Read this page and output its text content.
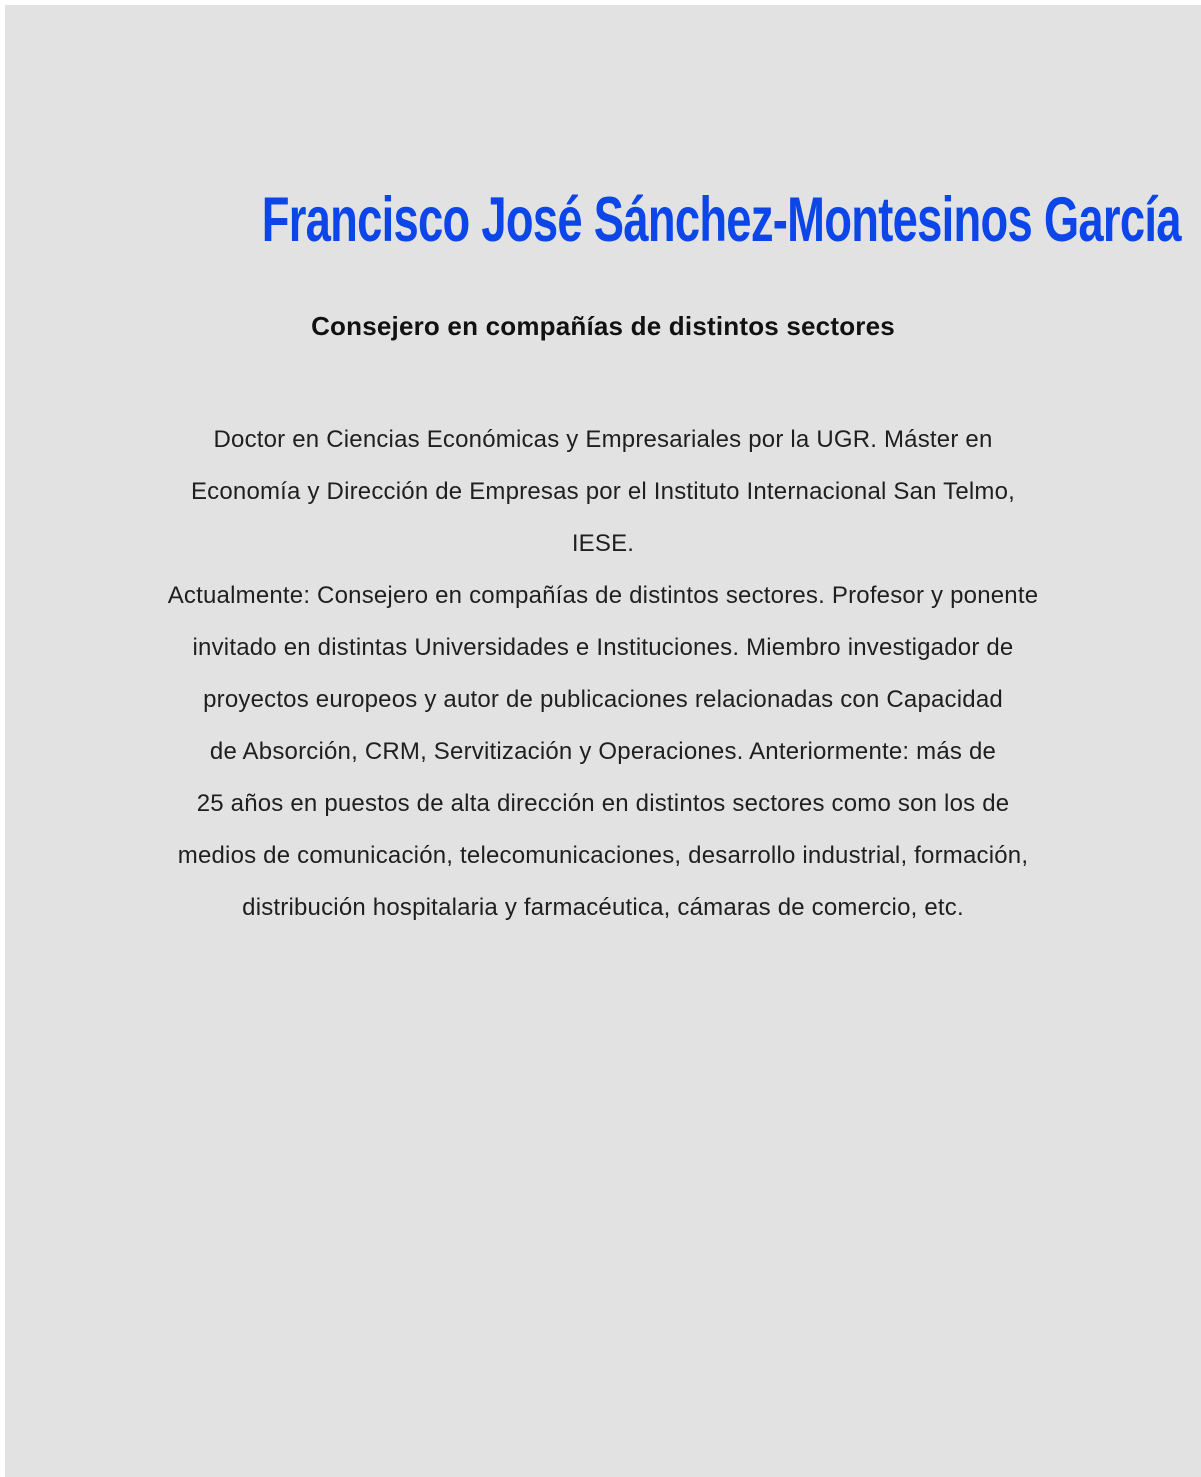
Francisco José Sánchez-Montesinos García

Consejero en compañías de distintos sectores

Doctor en Ciencias Económicas y Empresariales por la UGR. Máster en
Economía y Dirección de Empresas por el Instituto Internacional San Telmo,
IESE.
Actualmente: Consejero en compañías de distintos sectores. Profesor y ponente
invitado en distintas Universidades e Instituciones. Miembro investigador de
proyectos europeos y autor de publicaciones relacionadas con Capacidad
de Absorción, CRM, Servitización y Operaciones. Anteriormente: más de
25 años en puestos de alta dirección en distintos sectores como son los de
medios de comunicación, telecomunicaciones, desarrollo industrial, formación,
distribución hospitalaria y farmacéutica, cámaras de comercio, etc.
